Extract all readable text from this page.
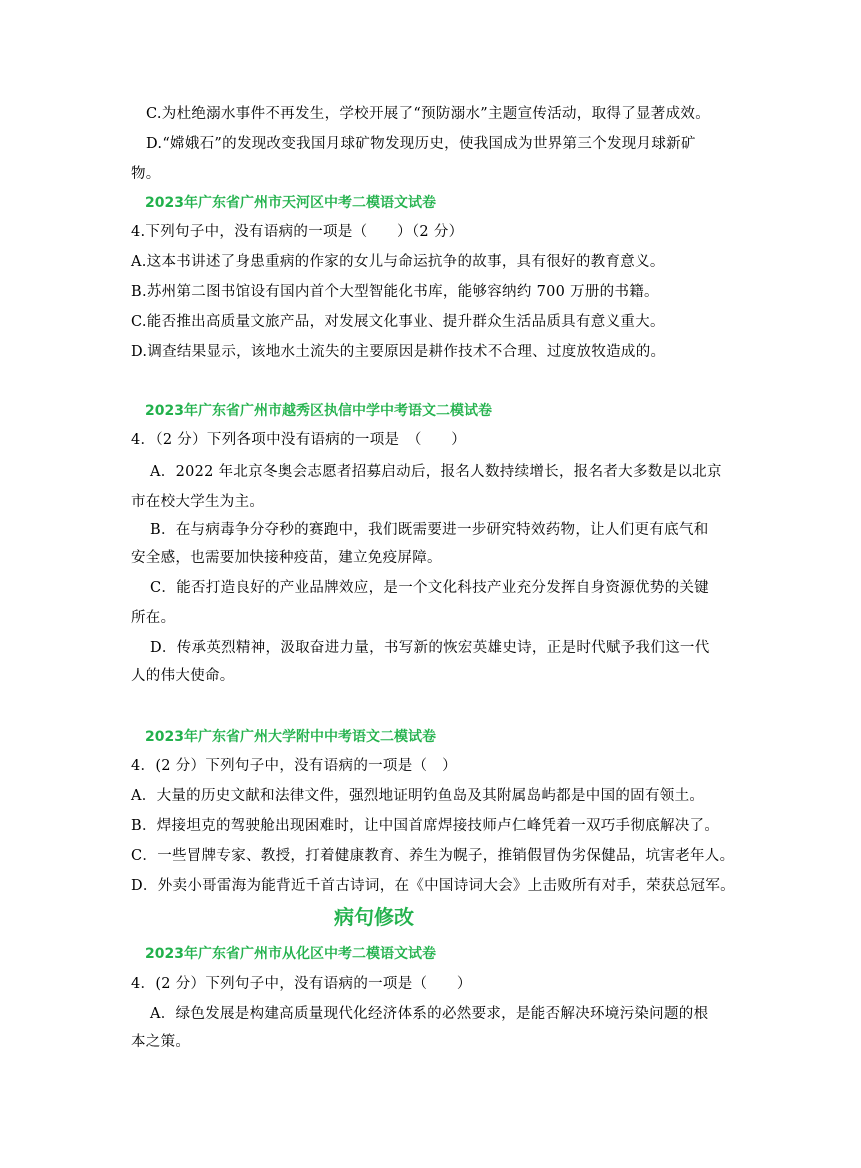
C.为杜绝溺水事件不再发生，学校开展了“预防溺水”主题宣传活动，取得了显著成效。

D.“嫦娥石”的发现改变我国月球矿物发现历史，使我国成为世界第三个发现月球新矿

物。

2023年广东省广州市天河区中考二模语文试卷

4.下列句子中，没有语病的一项是（　　）（2 分）

A.这本书讲述了身患重病的作家的女儿与命运抗争的故事，具有很好的教育意义。

B.苏州第二图书馆设有国内首个大型智能化书库，能够容纳约 700 万册的书籍。

C.能否推出高质量文旅产品，对发展文化事业、提升群众生活品质具有意义重大。

D.调查结果显示，该地水土流失的主要原因是耕作技术不合理、过度放牧造成的。

2023年广东省广州市越秀区执信中学中考语文二模试卷

4．（2 分）下列各项中没有语病的一项是　（　　）

A．2022 年北京冬奥会志愿者招募启动后，报名人数持续增长，报名者大多数是以北京

市在校大学生为主。

B．在与病毒争分夺秒的赛跑中，我们既需要进一步研究特效药物，让人们更有底气和

安全感，也需要加快接种疫苗，建立免疫屏障。

C．能否打造良好的产业品牌效应，是一个文化科技产业充分发挥自身资源优势的关键

所在。

D．传承英烈精神，汲取奋进力量，书写新的恢宏英雄史诗，正是时代赋予我们这一代

人的伟大使命。

2023年广东省广州大学附中中考语文二模试卷

4．(2 分）下列句子中，没有语病的一项是（　）

A．大量的历史文献和法律文件，强烈地证明钓鱼岛及其附属岛屿都是中国的固有领土。

B．焊接坦克的驾驶舱出现困难时，让中国首席焊接技师卢仁峰凭着一双巧手彻底解决了。

C．一些冒牌专家、教授，打着健康教育、养生为幌子，推销假冒伪劣保健品，坑害老年人。

D．外卖小哥雷海为能背近千首古诗词，在《中国诗词大会》上击败所有对手，荣获总冠军。

病句修改

2023年广东省广州市从化区中考二模语文试卷

4．(2 分）下列句子中，没有语病的一项是（　　）

A．绿色发展是构建高质量现代化经济体系的必然要求，是能否解决环境污染问题的根

本之策。
